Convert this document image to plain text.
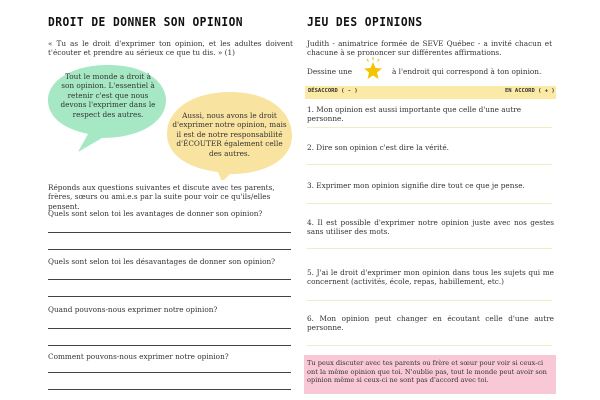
DROIT DE DONNER SON OPINION
« Tu as le droit d'exprimer ton opinion, et les adultes doivent t'écouter et prendre au sérieux ce que tu dis. » (1)
Tout le monde a droit à son opinion. L'essentiel à retenir c'est que nous devons l'exprimer dans le respect des autres.	Aussi, nous avons le droit d'exprimer notre opinion, mais il est de notre responsabilité d'ÉCOUTER également celle des autres.
Réponds aux questions suivantes et discute avec tes parents, frères, sœurs ou ami.e.s par la suite pour voir ce qu'ils/elles pensent.
Quels sont selon toi les avantages de donner son opinion?
Quels sont selon toi les désavantages de donner son opinion?
Quand pouvons-nous exprimer notre opinion?
Comment pouvons-nous exprimer notre opinion?
JEU DES OPINIONS
Judith - animatrice formée de SEVE Québec - a invité chacun et chacune à se prononcer sur différentes affirmations.
Dessine une	à l'endroit qui correspond à ton opinion.
DÉSACCORD ( - )	EN ACCORD ( + )
1. Mon opinion est aussi importante que celle d'une autre personne.
2. Dire son opinion c'est dire la vérité.
3. Exprimer mon opinion signifie dire tout ce que je pense.
4. Il est possible d'exprimer notre opinion juste avec nos gestes sans utiliser des mots.
5. J'ai le droit d'exprimer mon opinion dans tous les sujets qui me concernent (activités, école, repas, habillement, etc.)
6. Mon opinion peut changer en écoutant celle d'une autre personne.
Tu peux discuter avec tes parents ou frère et sœur pour voir si ceux-ci ont la même opinion que toi. N'oublie pas, tout le monde peut avoir son opinion même si ceux-ci ne sont pas d'accord avec toi.
